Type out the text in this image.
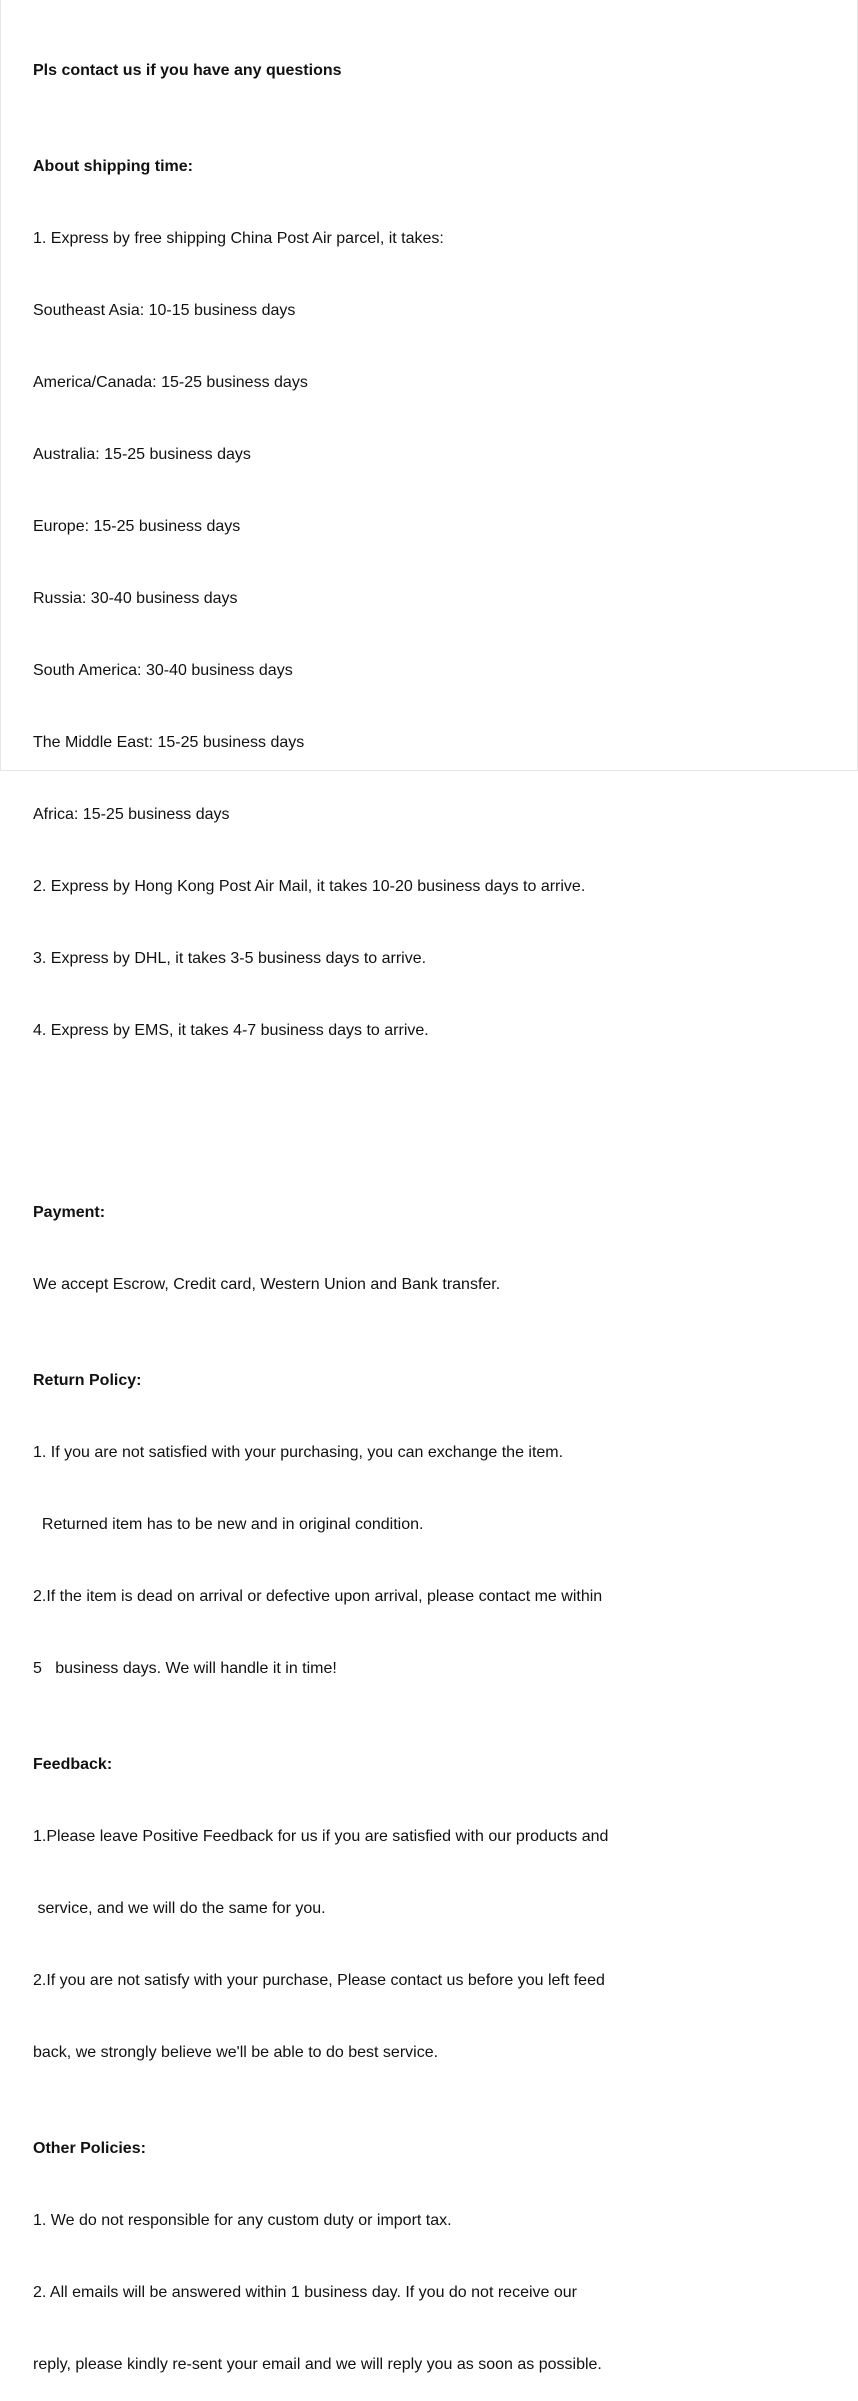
Pls contact us if you have any questions

About shipping time:

1. Express by free shipping China Post Air parcel, it takes:

Southeast Asia: 10-15 business days

America/Canada: 15-25 business days

Australia: 15-25 business days

Europe: 15-25 business days

Russia: 30-40 business days

South America: 30-40 business days

The Middle East: 15-25 business days

Africa: 15-25 business days

2. Express by Hong Kong Post Air Mail, it takes 10-20 business days to arrive.

3. Express by DHL, it takes 3-5 business days to arrive.

4. Express by EMS, it takes 4-7 business days to arrive.

Payment:

We accept Escrow, Credit card, Western Union and Bank transfer.

Return Policy:

1. If you are not satisfied with your purchasing, you can exchange the item.

Returned item has to be new and in original condition.

2.If the item is dead on arrival or defective upon arrival, please contact me within

5   business days. We will handle it in time!

Feedback:

1.Please leave Positive Feedback for us if you are satisfied with our products and

service, and we will do the same for you.

2.If you are not satisfy with your purchase, Please contact us before you left feed

back, we strongly believe we'll be able to do best service.

Other Policies:

1. We do not responsible for any custom duty or import tax.

2. All emails will be answered within 1 business day. If you do not receive our

reply, please kindly re-sent your email and we will reply you as soon as possible.
